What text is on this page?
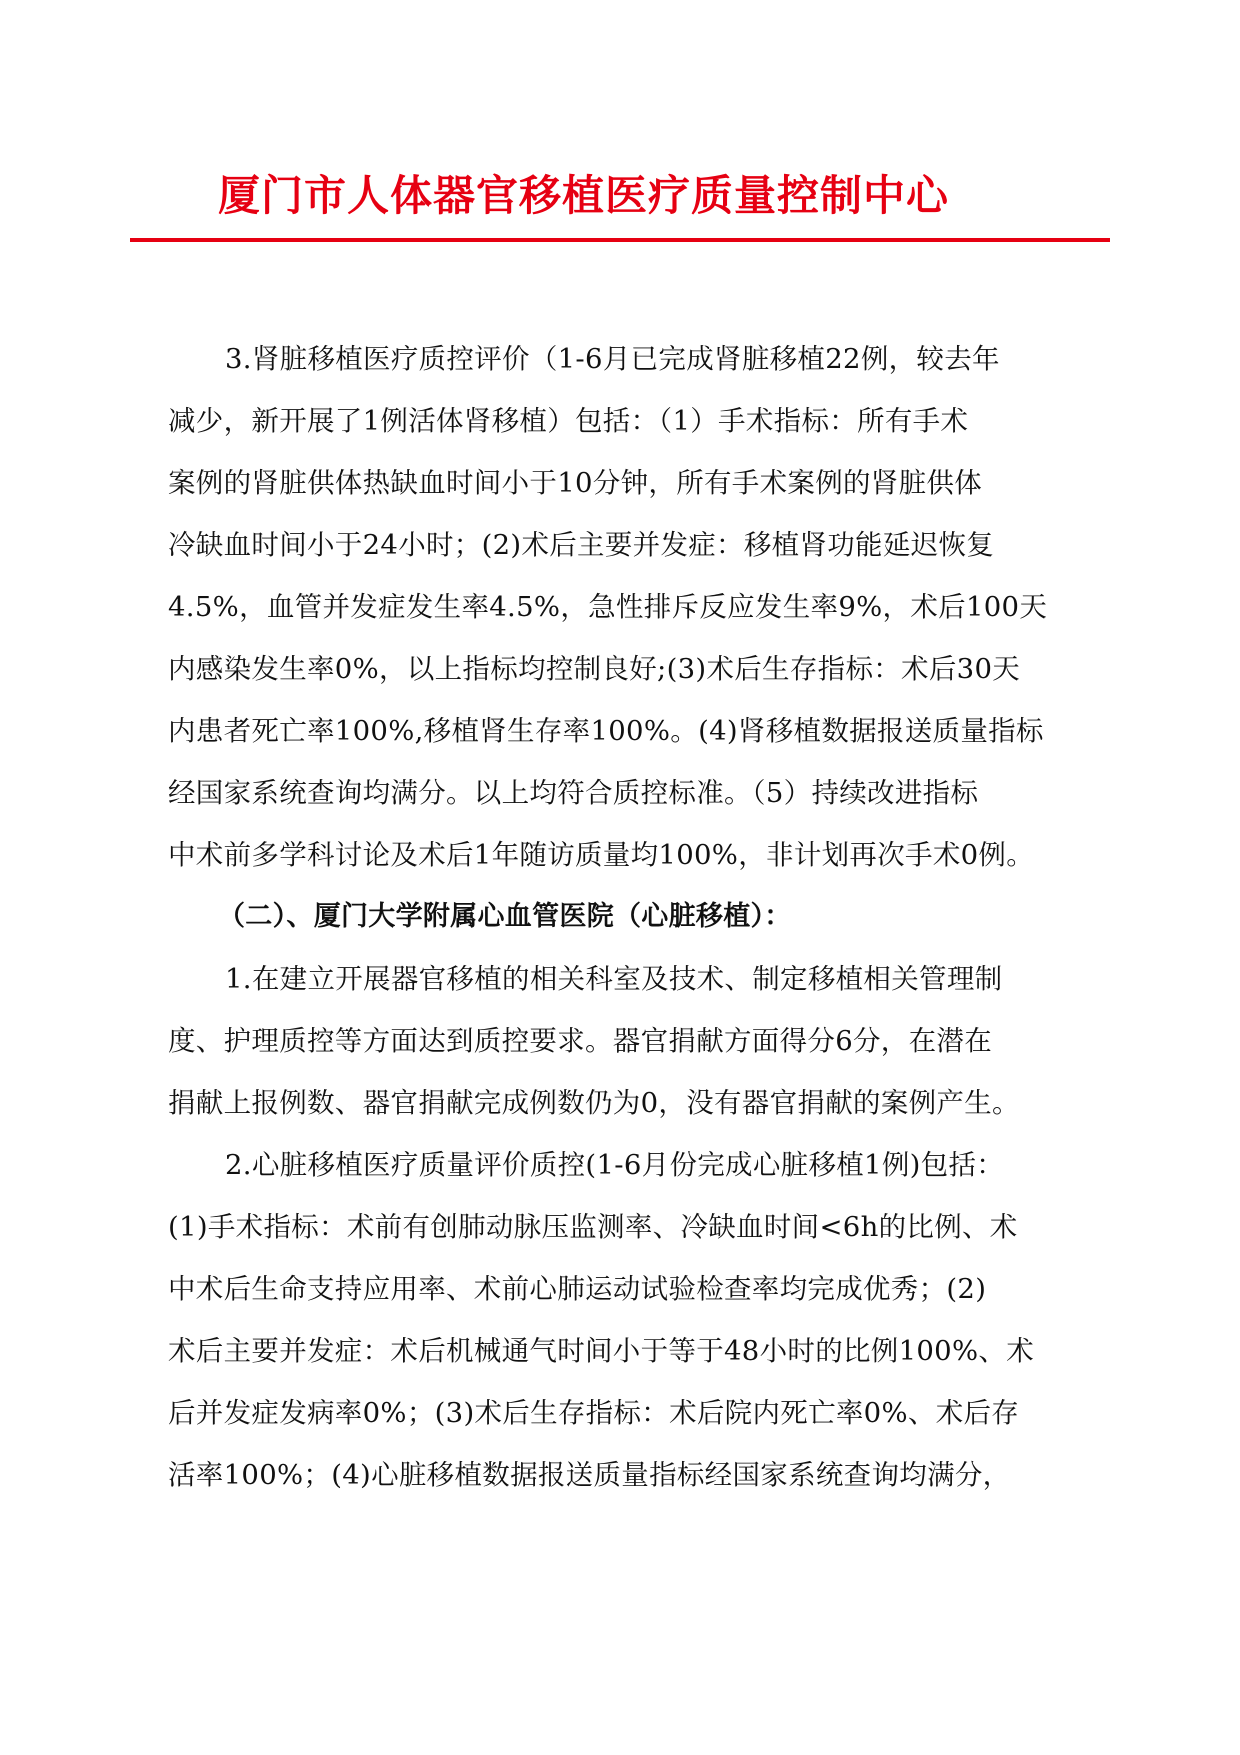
厦门市人体器官移植医疗质量控制中心
3.肾脏移植医疗质控评价（1-6月已完成肾脏移植22例，较去年
减少，新开展了1例活体肾移植）包括：（1）手术指标：所有手术
案例的肾脏供体热缺血时间小于10分钟，所有手术案例的肾脏供体
冷缺血时间小于24小时；(2)术后主要并发症：移植肾功能延迟恢复
4.5%，血管并发症发生率4.5%，急性排斥反应发生率9%，术后100天
内感染发生率0%，以上指标均控制良好;(3)术后生存指标：术后30天
内患者死亡率100%,移植肾生存率100%。(4)肾移植数据报送质量指标
经国家系统查询均满分。以上均符合质控标准。（5）持续改进指标
中术前多学科讨论及术后1年随访质量均100%，非计划再次手术0例。
（二）、厦门大学附属心血管医院（心脏移植）：
1.在建立开展器官移植的相关科室及技术、制定移植相关管理制
度、护理质控等方面达到质控要求。器官捐献方面得分6分，在潜在
捐献上报例数、器官捐献完成例数仍为0，没有器官捐献的案例产生。
2.心脏移植医疗质量评价质控(1-6月份完成心脏移植1例)包括：
(1)手术指标：术前有创肺动脉压监测率、冷缺血时间<6h的比例、术
中术后生命支持应用率、术前心肺运动试验检查率均完成优秀；(2)
术后主要并发症：术后机械通气时间小于等于48小时的比例100%、术
后并发症发病率0%；(3)术后生存指标：术后院内死亡率0%、术后存
活率100%；(4)心脏移植数据报送质量指标经国家系统查询均满分，
